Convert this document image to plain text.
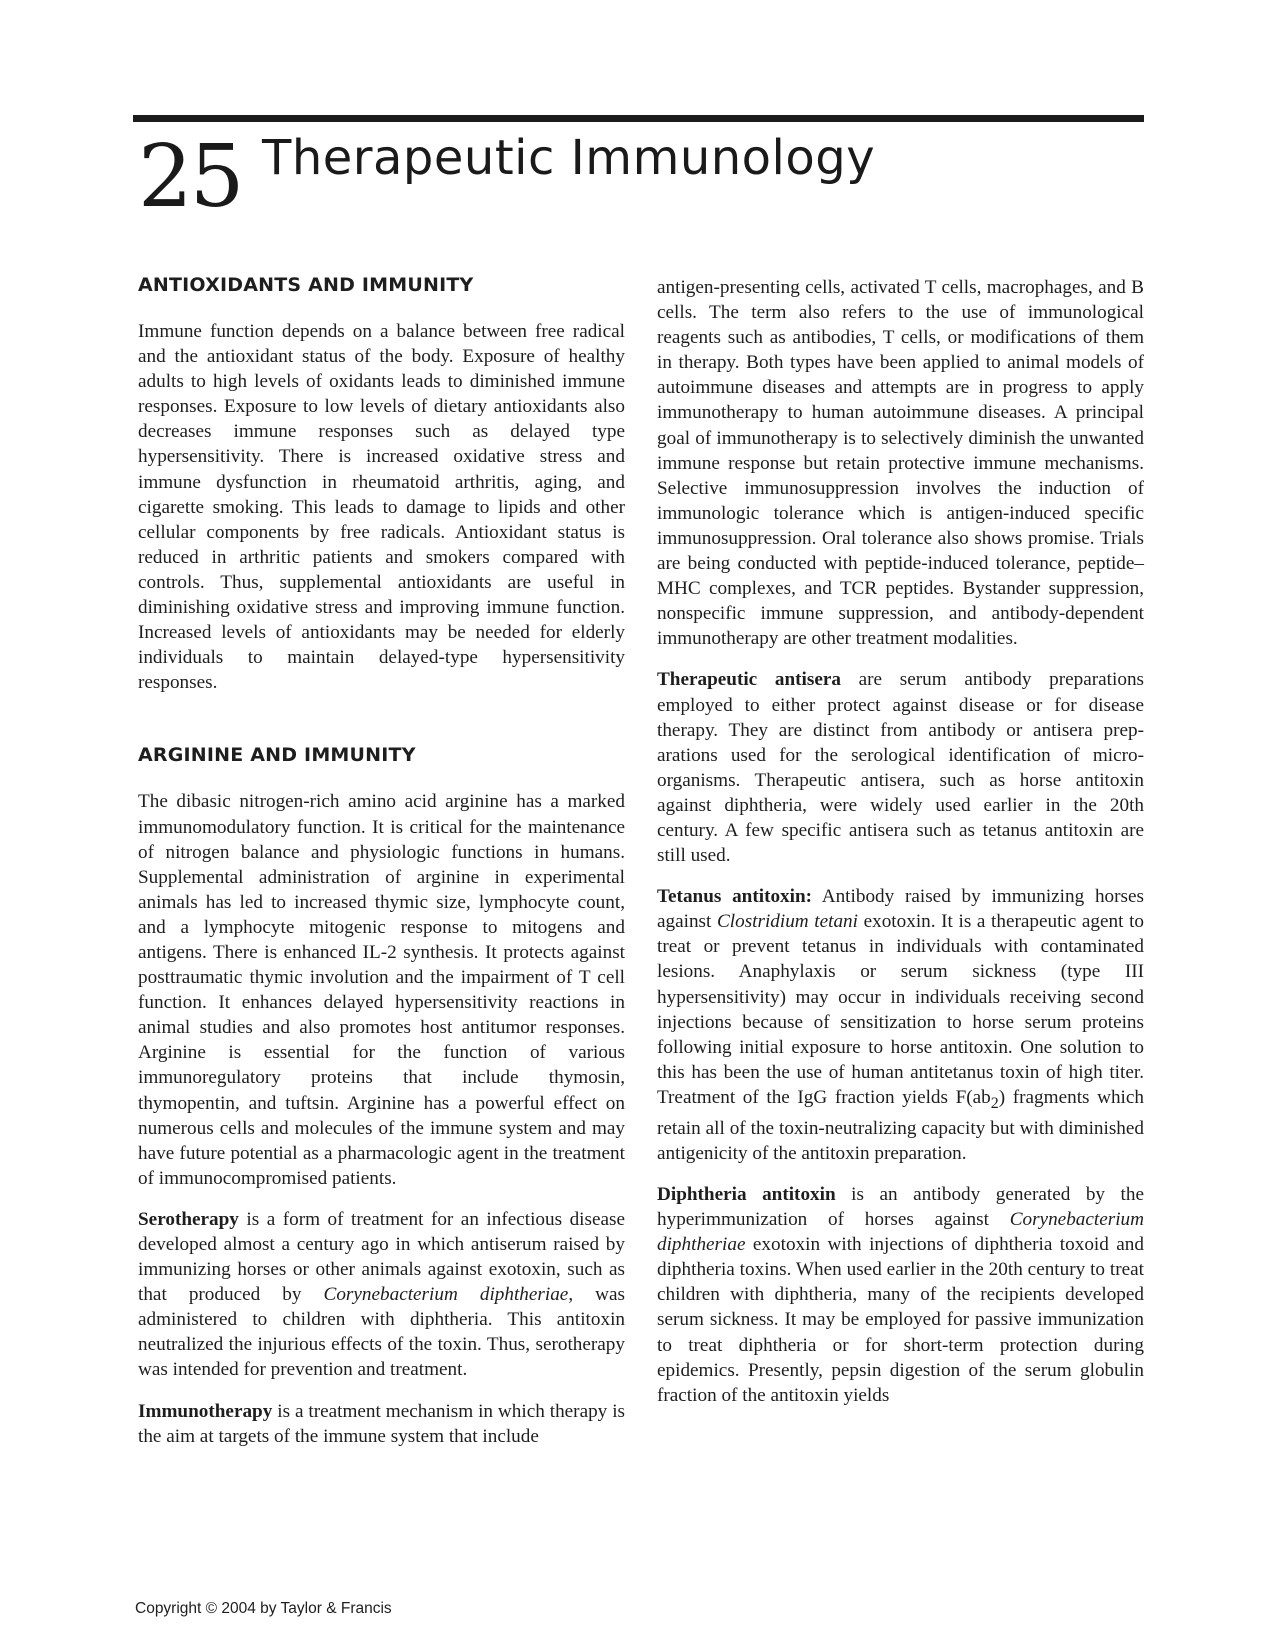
25 Therapeutic Immunology
ANTIOXIDANTS AND IMMUNITY

Immune function depends on a balance between free radical and the antioxidant status of the body. Exposure of healthy adults to high levels of oxidants leads to diminished immune responses. Exposure to low levels of dietary antioxidants also decreases immune responses such as delayed type hypersensitivity. There is increased oxidative stress and immune dysfunction in rheumatoid arthritis, aging, and cigarette smoking. This leads to damage to lipids and other cellular components by free radicals. Antioxidant status is reduced in arthritic patients and smokers compared with controls. Thus, supplemental antioxidants are useful in diminishing oxidative stress and improving immune function. Increased levels of antioxidants may be needed for elderly individuals to maintain delayed-type hypersensitivity responses.

ARGININE AND IMMUNITY

The dibasic nitrogen-rich amino acid arginine has a marked immunomodulatory function. It is critical for the maintenance of nitrogen balance and physiologic functions in humans. Supplemental administration of arginine in experimental animals has led to increased thymic size, lymphocyte count, and a lymphocyte mitogenic response to mitogens and antigens. There is enhanced IL-2 synthesis. It protects against posttraumatic thymic involution and the impairment of T cell function. It enhances delayed hypersensitivity reactions in animal studies and also promotes host antitumor responses. Arginine is essential for the function of various immunoregulatory proteins that include thymosin, thymopentin, and tuftsin. Arginine has a powerful effect on numerous cells and molecules of the immune system and may have future potential as a pharmacologic agent in the treatment of immunocompromised patients.

Serotherapy is a form of treatment for an infectious disease developed almost a century ago in which antiserum raised by immunizing horses or other animals against exotoxin, such as that produced by Corynebacterium diphtheriae, was administered to children with diphtheria. This antitoxin neutralized the injurious effects of the toxin. Thus, serotherapy was intended for prevention and treatment.

Immunotherapy is a treatment mechanism in which therapy is the aim at targets of the immune system that include

antigen-presenting cells, activated T cells, macrophages, and B cells. The term also refers to the use of immunological reagents such as antibodies, T cells, or modifications of them in therapy. Both types have been applied to animal models of autoimmune diseases and attempts are in progress to apply immunotherapy to human autoimmune diseases. A principal goal of immunotherapy is to selectively diminish the unwanted immune response but retain protective immune mechanisms. Selective immunosuppression involves the induction of immunologic tolerance which is antigen-induced specific immunosuppression. Oral tolerance also shows promise. Trials are being conducted with peptide-induced tolerance, peptide–MHC complexes, and TCR peptides. Bystander suppression, nonspecific immune suppression, and antibody-dependent immunotherapy are other treatment modalities.

Therapeutic antisera are serum antibody preparations employed to either protect against disease or for disease therapy. They are distinct from antibody or antisera preparations used for the serological identification of microorganisms. Therapeutic antisera, such as horse antitoxin against diphtheria, were widely used earlier in the 20th century. A few specific antisera such as tetanus antitoxin are still used.

Tetanus antitoxin: Antibody raised by immunizing horses against Clostridium tetani exotoxin. It is a therapeutic agent to treat or prevent tetanus in individuals with contaminated lesions. Anaphylaxis or serum sickness (type III hypersensitivity) may occur in individuals receiving second injections because of sensitization to horse serum proteins following initial exposure to horse antitoxin. One solution to this has been the use of human antitetanus toxin of high titer. Treatment of the IgG fraction yields $F(ab_2)$ fragments which retain all of the toxin-neutralizing capacity but with diminished antigenicity of the antitoxin preparation.

Diphtheria antitoxin is an antibody generated by the hyperimmunization of horses against Corynebacterium diphtheriae exotoxin with injections of diphtheria toxoid and diphtheria toxins. When used earlier in the 20th century to treat children with diphtheria, many of the recipients developed serum sickness. It may be employed for passive immunization to treat diphtheria or for short-term protection during epidemics. Presently, pepsin digestion of the serum globulin fraction of the antitoxin yields

Copyright © 2004 by Taylor & Francis
